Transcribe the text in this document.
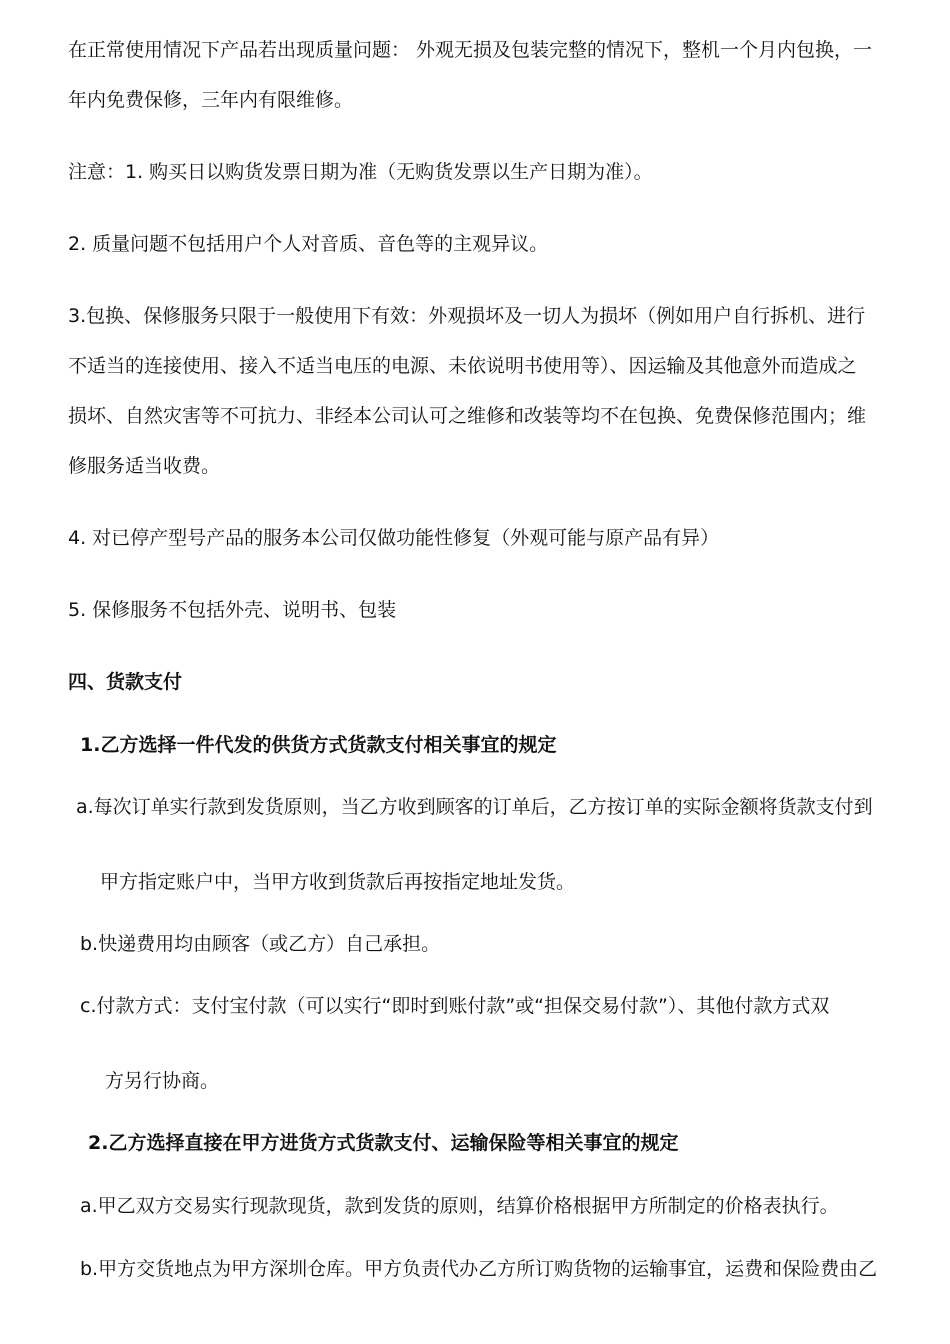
在正常使用情况下产品若出现质量问题： 外观无损及包装完整的情况下，整机一个月内包换，一
年内免费保修，三年内有限维修。
注意：1. 购买日以购货发票日期为准（无购货发票以生产日期为准）。
2. 质量问题不包括用户个人对音质、音色等的主观异议。
3.包换、保修服务只限于一般使用下有效：外观损坏及一切人为损坏（例如用户自行拆机、进行
不适当的连接使用、接入不适当电压的电源、未依说明书使用等）、因运输及其他意外而造成之
损坏、自然灾害等不可抗力、非经本公司认可之维修和改装等均不在包换、免费保修范围内；维
修服务适当收费。
4. 对已停产型号产品的服务本公司仅做功能性修复（外观可能与原产品有异）
5. 保修服务不包括外壳、说明书、包装
四、货款支付
1.乙方选择一件代发的供货方式货款支付相关事宜的规定
a.每次订单实行款到发货原则，当乙方收到顾客的订单后，乙方按订单的实际金额将货款支付到
甲方指定账户中，当甲方收到货款后再按指定地址发货。
b.快递费用均由顾客（或乙方）自己承担。
c.付款方式：支付宝付款（可以实行“即时到账付款”或“担保交易付款”）、其他付款方式双
方另行协商。
2.乙方选择直接在甲方进货方式货款支付、运输保险等相关事宜的规定
a.甲乙双方交易实行现款现货，款到发货的原则，结算价格根据甲方所制定的价格表执行。
b.甲方交货地点为甲方深圳仓库。甲方负责代办乙方所订购货物的运输事宜，运费和保险费由乙
